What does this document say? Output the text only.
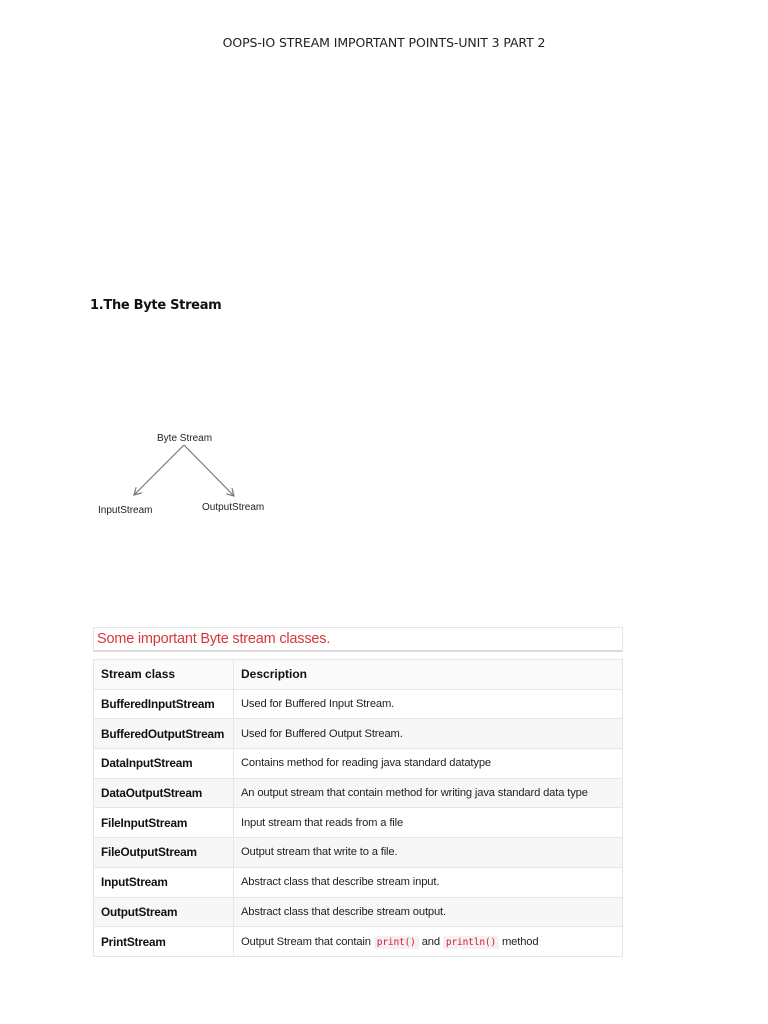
OOPS-IO STREAM IMPORTANT POINTS-UNIT 3 PART 2
1.The Byte Stream
Byte Stream
InputStream	OutputStream
Some important Byte stream classes.
Stream class	Description
BufferedInputStream	Used for Buffered Input Stream.
BufferedOutputStream	Used for Buffered Output Stream.
DataInputStream	Contains method for reading java standard datatype
DataOutputStream	An output stream that contain method for writing java standard data type
FileInputStream	Input stream that reads from a file
FileOutputStream	Output stream that write to a file.
InputStream	Abstract class that describe stream input.
OutputStream	Abstract class that describe stream output.
PrintStream	Output Stream that contain print() and println() method
